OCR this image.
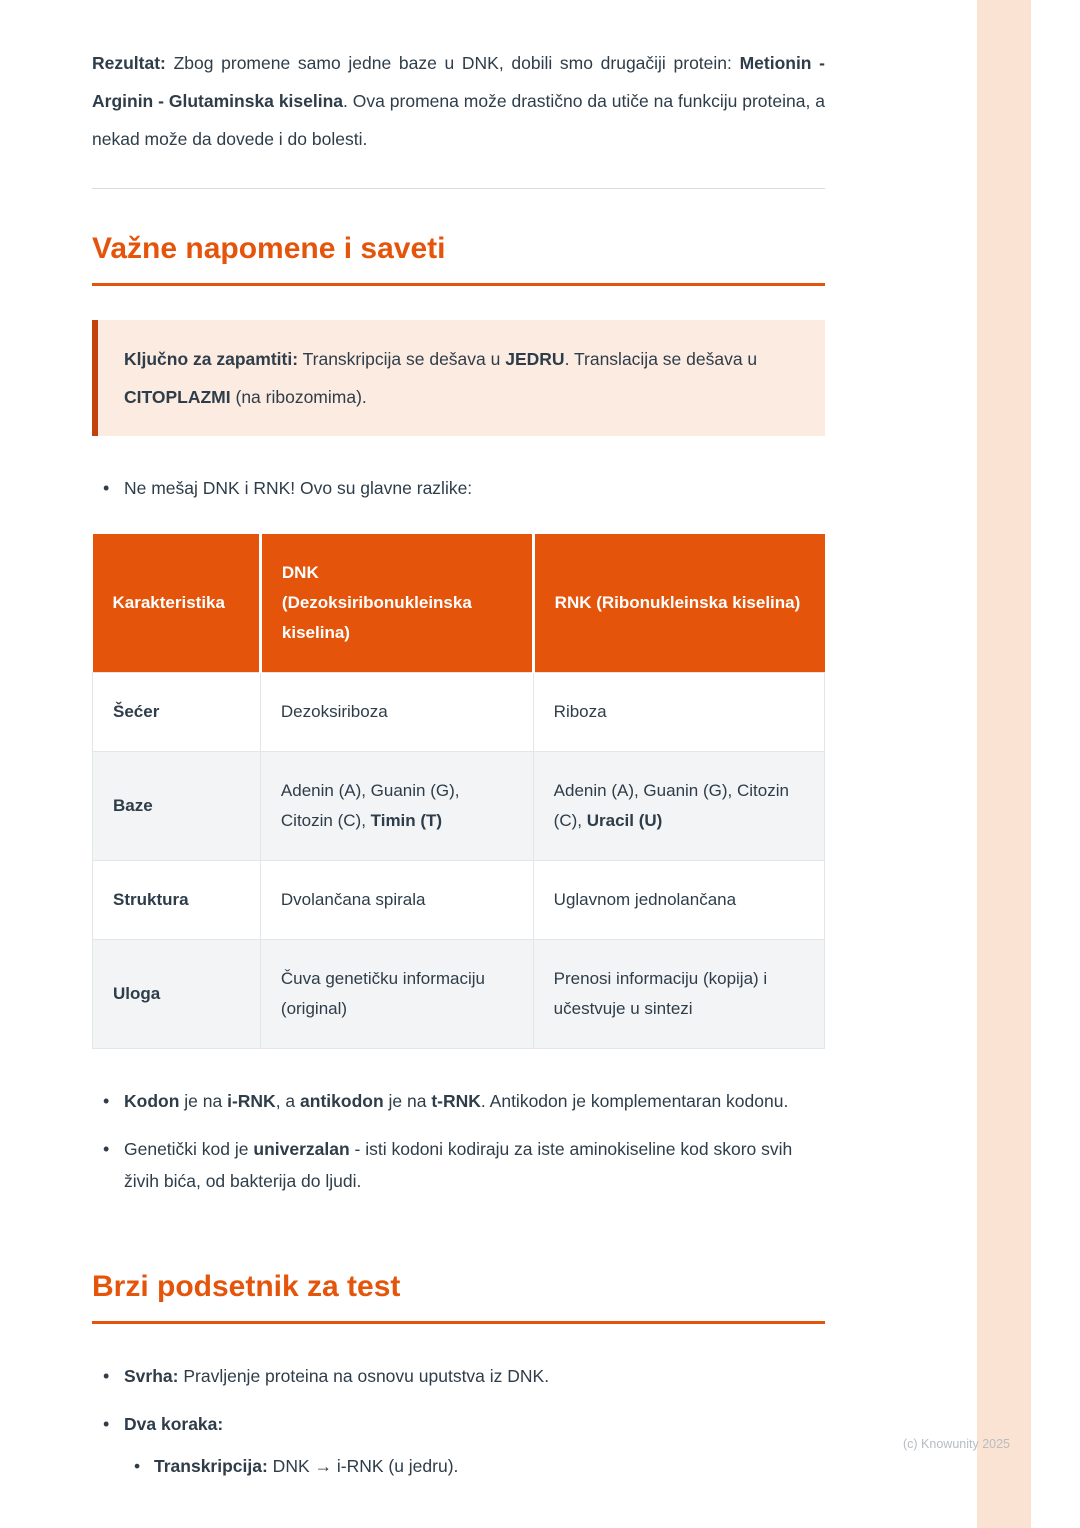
Rezultat: Zbog promene samo jedne baze u DNK, dobili smo drugačiji protein: Metionin - Arginin - Glutaminska kiselina. Ova promena može drastično da utiče na funkciju proteina, a nekad može da dovede i do bolesti.

Važne napomene i saveti
Ključno za zapamtiti: Transkripcija se dešava u JEDRU. Translacija se dešava u CITOPLAZMI (na ribozomima).
• Ne mešaj DNK i RNK! Ovo su glavne razlike:
Karakteristika	DNK (Dezoksiribonukleinska kiselina)	RNK (Ribonukleinska kiselina)
Šećer	Dezoksiriboza	Riboza
Baze	Adenin (A), Guanin (G), Citozin (C), Timin (T)	Adenin (A), Guanin (G), Citozin (C), Uracil (U)
Struktura	Dvolančana spirala	Uglavnom jednolančana
Uloga	Čuva genetičku informaciju (original)	Prenosi informaciju (kopija) i učestvuje u sintezi
• Kodon je na i-RNK, a antikodon je na t-RNK. Antikodon je komplementaran kodonu.
• Genetički kod je univerzalan - isti kodoni kodiraju za iste aminokiseline kod skoro svih živih bića, od bakterija do ljudi.
Brzi podsetnik za test
• Svrha: Pravljenje proteina na osnovu uputstva iz DNK.
• Dva koraka:
• Transkripcija: DNK → i-RNK (u jedru).
(c) Knowunity 2025
